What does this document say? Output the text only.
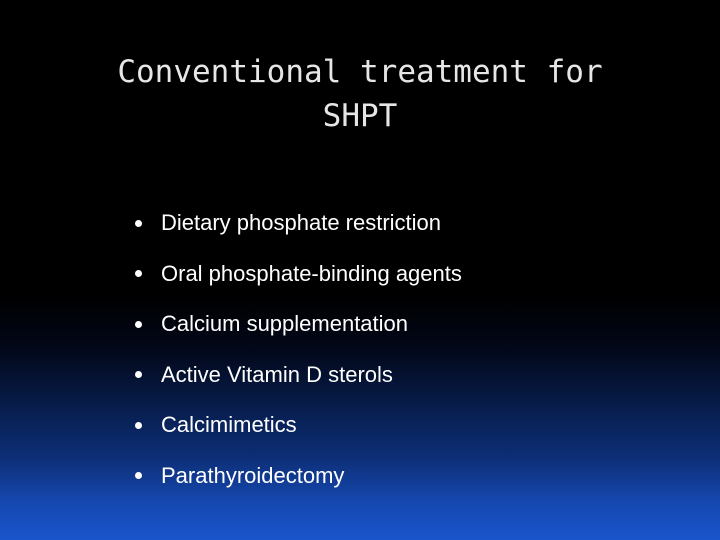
Conventional treatment for
SHPT
Dietary phosphate restriction
Oral phosphate-binding agents
Calcium supplementation
Active Vitamin D sterols
Calcimimetics
Parathyroidectomy
